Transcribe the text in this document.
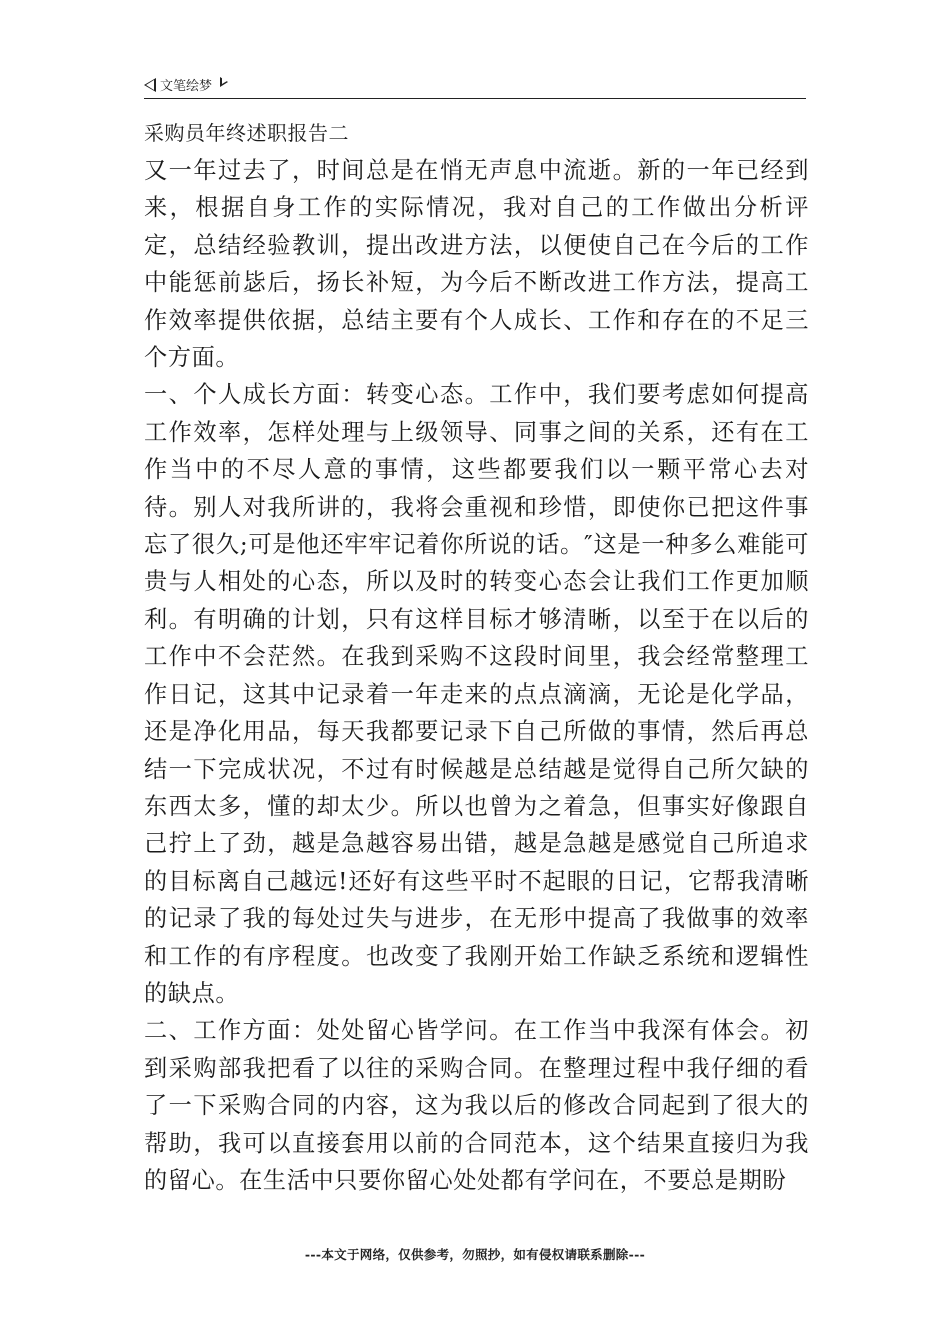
文笔绘梦
采购员年终述职报告二

又一年过去了，时间总是在悄无声息中流逝。新的一年已经到来，根据自身工作的实际情况，我对自己的工作做出分析评定，总结经验教训，提出改进方法，以便使自己在今后的工作中能惩前毖后，扬长补短，为今后不断改进工作方法，提高工作效率提供依据，总结主要有个人成长、工作和存在的不足三个方面。

一、个人成长方面：转变心态。工作中，我们要考虑如何提高工作效率，怎样处理与上级领导、同事之间的关系，还有在工作当中的不尽人意的事情，这些都要我们以一颗平常心去对待。别人对我所讲的，我将会重视和珍惜，即使你已把这件事忘了很久;可是他还牢牢记着你所说的话。″这是一种多么难能可贵与人相处的心态，所以及时的转变心态会让我们工作更加顺利。有明确的计划，只有这样目标才够清晰，以至于在以后的工作中不会茫然。在我到采购不这段时间里，我会经常整理工作日记，这其中记录着一年走来的点点滴滴，无论是化学品，还是净化用品，每天我都要记录下自己所做的事情，然后再总结一下完成状况，不过有时候越是总结越是觉得自己所欠缺的东西太多，懂的却太少。所以也曾为之着急，但事实好像跟自己拧上了劲，越是急越容易出错，越是急越是感觉自己所追求的目标离自己越远!还好有这些平时不起眼的日记，它帮我清晰的记录了我的每处过失与进步，在无形中提高了我做事的效率和工作的有序程度。也改变了我刚开始工作缺乏系统和逻辑性的缺点。

二、工作方面：处处留心皆学问。在工作当中我深有体会。初到采购部我把看了以往的采购合同。在整理过程中我仔细的看了一下采购合同的内容，这为我以后的修改合同起到了很大的帮助，我可以直接套用以前的合同范本，这个结果直接归为我的留心。在生活中只要你留心处处都有学问在，不要总是期盼

---本文于网络，仅供参考，勿照抄，如有侵权请联系删除---
